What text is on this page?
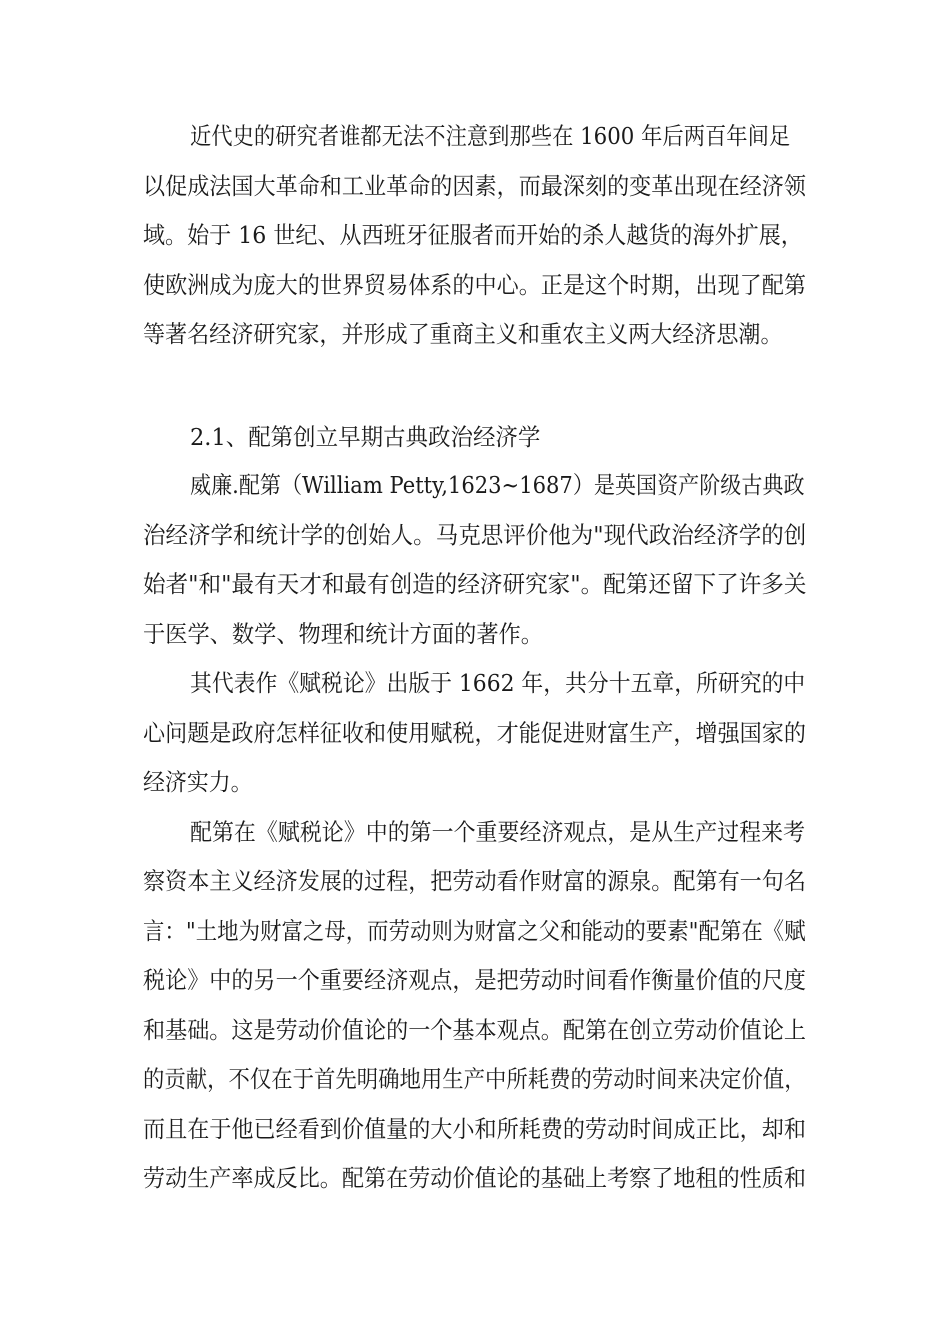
近代史的研究者谁都无法不注意到那些在 1600 年后两百年间足
以促成法国大革命和工业革命的因素，而最深刻的变革出现在经济领
域。始于 16 世纪、从西班牙征服者而开始的杀人越货的海外扩展，
使欧洲成为庞大的世界贸易体系的中心。正是这个时期，出现了配第
等著名经济研究家，并形成了重商主义和重农主义两大经济思潮。
2.1、配第创立早期古典政治经济学
威廉.配第（William Petty,1623~1687）是英国资产阶级古典政
治经济学和统计学的创始人。马克思评价他为"现代政治经济学的创
始者"和"最有天才和最有创造的经济研究家"。配第还留下了许多关
于医学、数学、物理和统计方面的著作。
其代表作《赋税论》出版于 1662 年，共分十五章，所研究的中
心问题是政府怎样征收和使用赋税，才能促进财富生产，增强国家的
经济实力。
配第在《赋税论》中的第一个重要经济观点，是从生产过程来考
察资本主义经济发展的过程，把劳动看作财富的源泉。配第有一句名
言："土地为财富之母，而劳动则为财富之父和能动的要素"配第在《赋
税论》中的另一个重要经济观点，是把劳动时间看作衡量价值的尺度
和基础。这是劳动价值论的一个基本观点。配第在创立劳动价值论上
的贡献，不仅在于首先明确地用生产中所耗费的劳动时间来决定价值，
而且在于他已经看到价值量的大小和所耗费的劳动时间成正比，却和
劳动生产率成反比。配第在劳动价值论的基础上考察了地租的性质和
